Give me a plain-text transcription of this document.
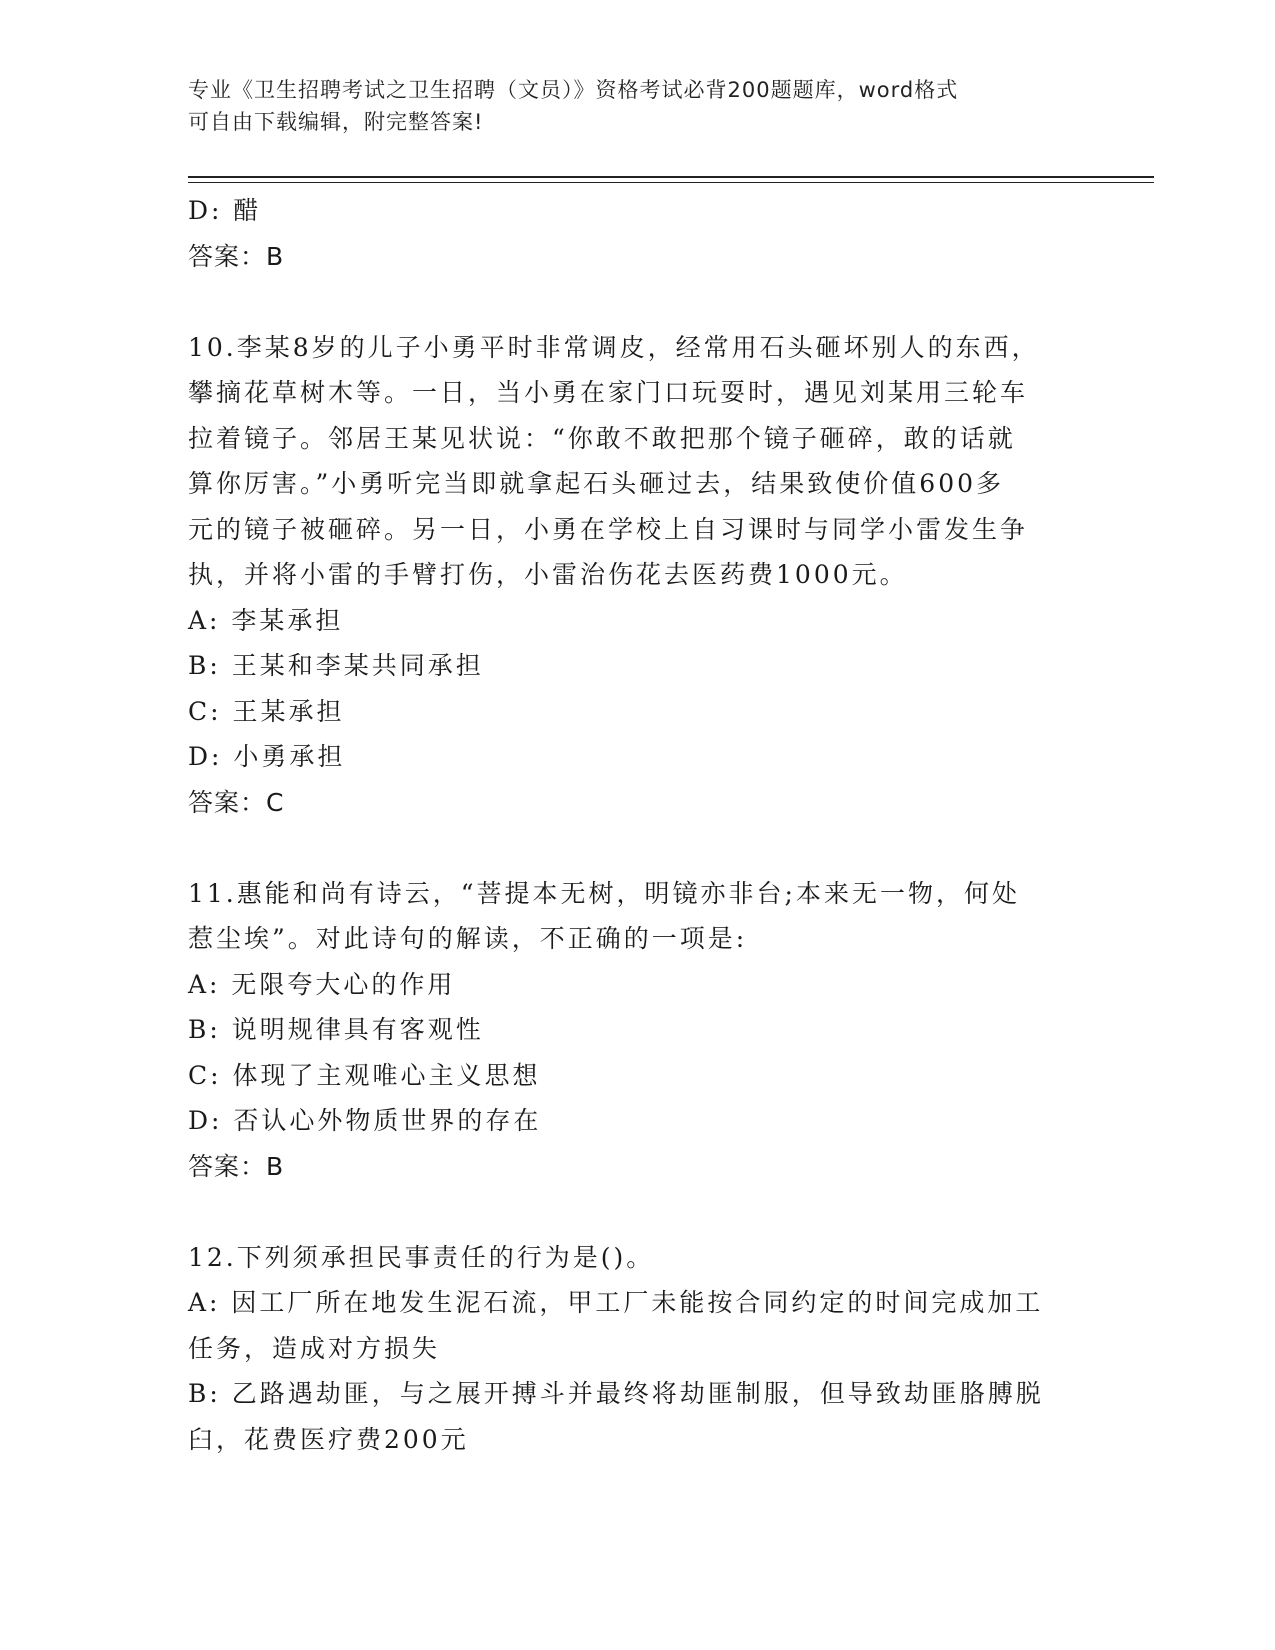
专业《卫生招聘考试之卫生招聘（文员）》资格考试必背200题题库，word格式
可自由下载编辑，附完整答案!
D: 醋
答案：B
10.李某8岁的儿子小勇平时非常调皮，经常用石头砸坏别人的东西，
攀摘花草树木等。一日，当小勇在家门口玩耍时，遇见刘某用三轮车
拉着镜子。邻居王某见状说：“你敢不敢把那个镜子砸碎，敢的话就
算你厉害。”小勇听完当即就拿起石头砸过去，结果致使价值600多
元的镜子被砸碎。另一日，小勇在学校上自习课时与同学小雷发生争
执，并将小雷的手臂打伤，小雷治伤花去医药费1000元。
A: 李某承担
B: 王某和李某共同承担
C: 王某承担
D: 小勇承担
答案：C
11.惠能和尚有诗云，“菩提本无树，明镜亦非台;本来无一物，何处
惹尘埃”。对此诗句的解读，不正确的一项是:
A: 无限夸大心的作用
B: 说明规律具有客观性
C: 体现了主观唯心主义思想
D: 否认心外物质世界的存在
答案：B
12.下列须承担民事责任的行为是()。
A: 因工厂所在地发生泥石流，甲工厂未能按合同约定的时间完成加工
任务，造成对方损失
B: 乙路遇劫匪，与之展开搏斗并最终将劫匪制服，但导致劫匪胳膊脱
臼，花费医疗费200元
